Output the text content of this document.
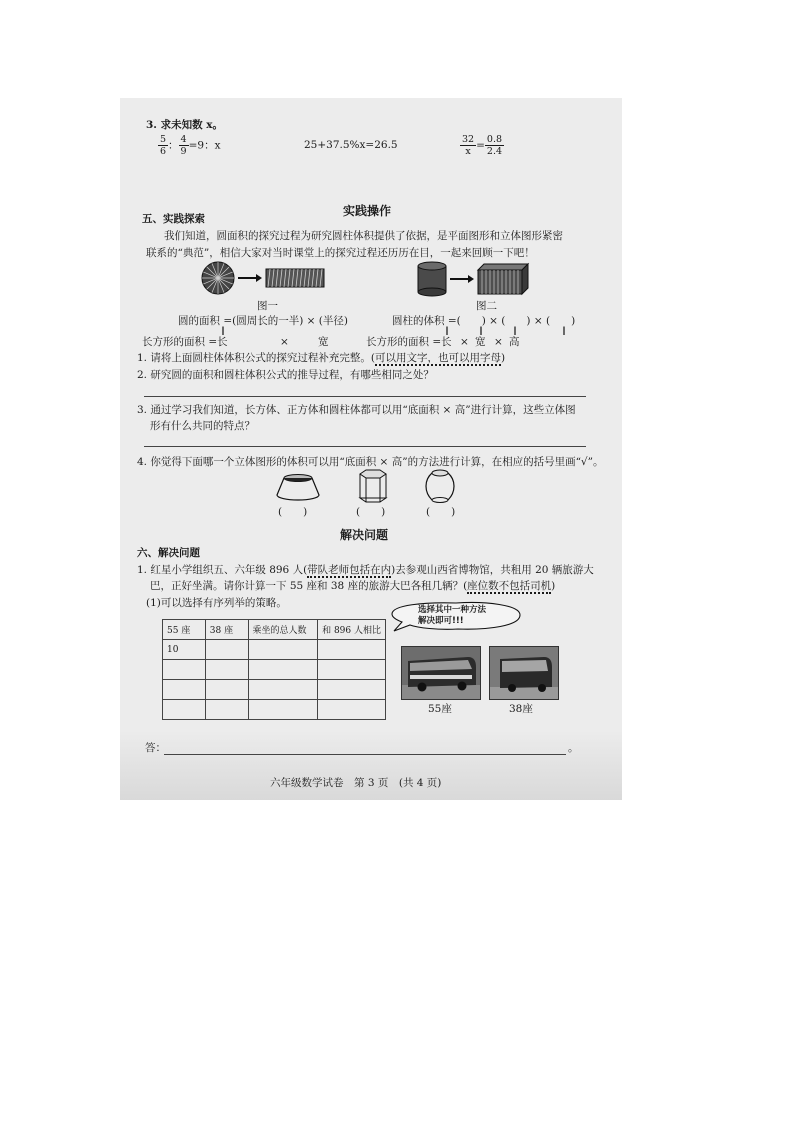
3. 求未知数 x。
$\frac{5}{6}$ ： $\frac{4}{9} =9$：x	25+37.5%x=26.5	$\frac{32}{x} = \frac{0.8}{2.4}$
实践操作
五、实践探索
我们知道，圆面积的探究过程为研究圆柱体积提供了依据，是平面图形和立体图形紧密
联系的“典范”，相信大家对当时课堂上的探究过程还历历在目，一起来回顾一下吧！
图一	图二
圆的面积 =(圆周长的一半) × (半径)	圆柱的体积 =(　　) × (　　) × (　　)
‖	‖	‖	‖	‖
长方形的面积 = 长	×	宽	长方形的面积 = 长 × 宽 × 高
1. 请将上面圆柱体体积公式的探究过程补充完整。(可以用文字，也可以用字母)
2. 研究圆的面积和圆柱体积公式的推导过程，有哪些相同之处？
3. 通过学习我们知道，长方体、正方体和圆柱体都可以用“底面积 × 高”进行计算，这些立体图
形有什么共同的特点？
4. 你觉得下面哪一个立体图形的体积可以用“底面积 × 高”的方法进行计算，在相应的括号里画“√”。
(　　)	(　　)	(　　)
解决问题
六、解决问题
1. 红星小学组织五、六年级 896 人(带队老师包括在内)去参观山西省博物馆，共租用 20 辆旅游大
巴，正好坐满。请你计算一下 55 座和 38 座的旅游大巴各租几辆？(座位数不包括司机)
(1)可以选择有序列举的策略。
选择其中一种方法
解决即可!!!
55 座	38 座	乘坐的总人数	和 896 人相比
10			

55座	38座
答：	。
六年级数学试卷　第 3 页　(共 4 页)
